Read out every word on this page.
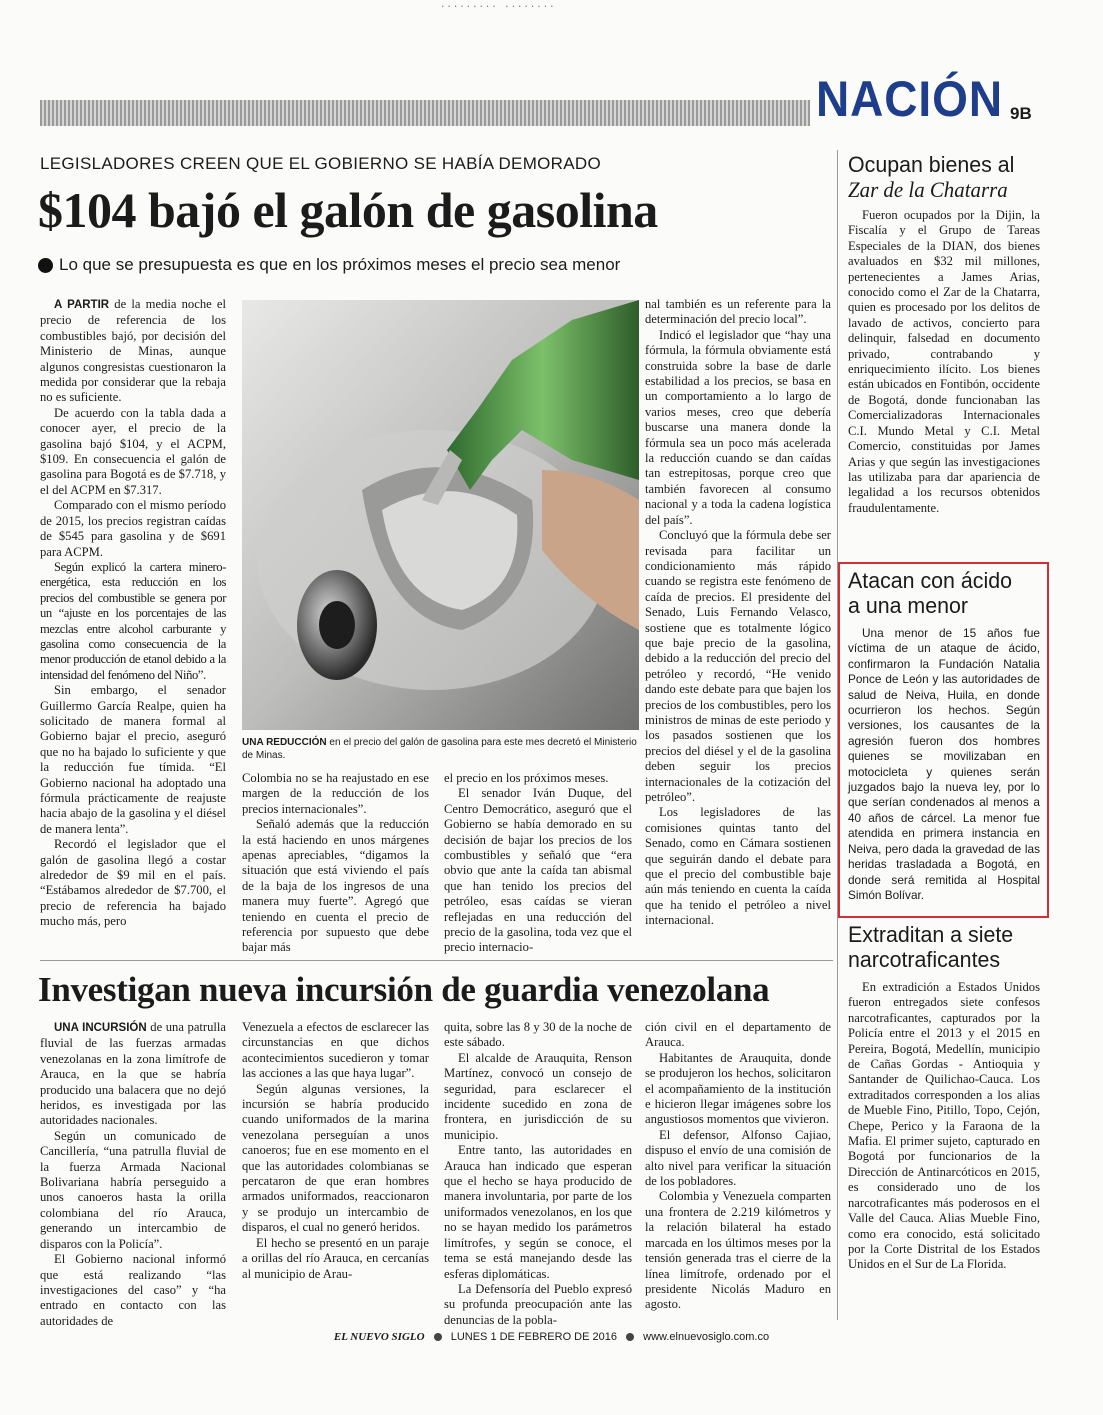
......... ........
NACIÓN 9B
LEGISLADORES CREEN QUE EL GOBIERNO SE HABÍA DEMORADO
$104 bajó el galón de gasolina
Lo que se presupuesta es que en los próximos meses el precio sea menor

A PARTIR de la media noche el precio de referencia de los combustibles bajó, por decisión del Ministerio de Minas, aunque algunos congresistas cuestionaron la medida por considerar que la rebaja no es suficiente.

De acuerdo con la tabla dada a conocer ayer, el precio de la gasolina bajó $104, y el ACPM, $109. En consecuencia el galón de gasolina para Bogotá es de $7.718, y el del ACPM en $7.317.

Comparado con el mismo período de 2015, los precios registran caídas de $545 para gasolina y de $691 para ACPM.

Según explicó la cartera minero-energética, esta reducción en los precios del combustible se genera por un “ajuste en los porcentajes de las mezclas entre alcohol carburante y gasolina como consecuencia de la menor producción de etanol debido a la intensidad del fenómeno del Niño”.

Sin embargo, el senador Guillermo García Realpe, quien ha solicitado de manera formal al Gobierno bajar el precio, aseguró que no ha bajado lo suficiente y que la reducción fue tímida. “El Gobierno nacional ha adoptado una fórmula prácticamente de reajuste hacia abajo de la gasolina y el diésel de manera lenta”.

Recordó el legislador que el galón de gasolina llegó a costar alrededor de $9 mil en el país. “Estábamos alrededor de $7.700, el precio de referencia ha bajado mucho más, pero

UNA REDUCCIÓN en el precio del galón de gasolina para este mes decretó el Ministerio de Minas.

Colombia no se ha reajustado en ese margen de la reducción de los precios internacionales”.

Señaló además que la reducción la está haciendo en unos márgenes apenas apreciables, “digamos la situación que está viviendo el país de la baja de los ingresos de una manera muy fuerte”. Agregó que teniendo en cuenta el precio de referencia por supuesto que debe bajar más

el precio en los próximos meses.

El senador Iván Duque, del Centro Democrático, aseguró que el Gobierno se había demorado en su decisión de bajar los precios de los combustibles y señaló que “era obvio que ante la caída tan abismal que han tenido los precios del petróleo, esas caídas se vieran reflejadas en una reducción del precio de la gasolina, toda vez que el precio internacio-

nal también es un referente para la determinación del precio local”.

Indicó el legislador que “hay una fórmula, la fórmula obviamente está construida sobre la base de darle estabilidad a los precios, se basa en un comportamiento a lo largo de varios meses, creo que debería buscarse una manera donde la fórmula sea un poco más acelerada la reducción cuando se dan caídas tan estrepitosas, porque creo que también favorecen al consumo nacional y a toda la cadena logística del país”.

Concluyó que la fórmula debe ser revisada para facilitar un condicionamiento más rápido cuando se registra este fenómeno de caída de precios. El presidente del Senado, Luis Fernando Velasco, sostiene que es totalmente lógico que baje precio de la gasolina, debido a la reducción del precio del petróleo y recordó, “He venido dando este debate para que bajen los precios de los combustibles, pero los ministros de minas de este periodo y los pasados sostienen que los precios del diésel y el de la gasolina deben seguir los precios internacionales de la cotización del petróleo”.

Los legisladores de las comisiones quintas tanto del Senado, como en Cámara sostienen que seguirán dando el debate para que el precio del combustible baje aún más teniendo en cuenta la caída que ha tenido el petróleo a nivel internacional.

Investigan nueva incursión de guardia venezolana

UNA INCURSIÓN de una patrulla fluvial de las fuerzas armadas venezolanas en la zona limítrofe de Arauca, en la que se habría producido una balacera que no dejó heridos, es investigada por las autoridades nacionales.

Según un comunicado de Cancillería, “una patrulla fluvial de la fuerza Armada Nacional Bolivariana habría perseguido a unos canoeros hasta la orilla colombiana del río Arauca, generando un intercambio de disparos con la Policía”.

El Gobierno nacional informó que está realizando “las investigaciones del caso” y “ha entrado en contacto con las autoridades de

Venezuela a efectos de esclarecer las circunstancias en que dichos acontecimientos sucedieron y tomar las acciones a las que haya lugar”.

Según algunas versiones, la incursión se habría producido cuando uniformados de la marina venezolana perseguían a unos canoeros; fue en ese momento en el que las autoridades colombianas se percataron de que eran hombres armados uniformados, reaccionaron y se produjo un intercambio de disparos, el cual no generó heridos.

El hecho se presentó en un paraje a orillas del río Arauca, en cercanías al municipio de Arau-

quita, sobre las 8 y 30 de la noche de este sábado.

El alcalde de Arauquita, Renson Martínez, convocó un consejo de seguridad, para esclarecer el incidente sucedido en zona de frontera, en jurisdicción de su municipio.

Entre tanto, las autoridades en Arauca han indicado que esperan que el hecho se haya producido de manera involuntaria, por parte de los uniformados venezolanos, en los que no se hayan medido los parámetros limítrofes, y según se conoce, el tema se está manejando desde las esferas diplomáticas.

La Defensoría del Pueblo expresó su profunda preocupación ante las denuncias de la pobla-

ción civil en el departamento de Arauca.

Habitantes de Arauquita, donde se produjeron los hechos, solicitaron el acompañamiento de la institución e hicieron llegar imágenes sobre los angustiosos momentos que vivieron.

El defensor, Alfonso Cajiao, dispuso el envío de una comisión de alto nivel para verificar la situación de los pobladores.

Colombia y Venezuela comparten una frontera de 2.219 kilómetros y la relación bilateral ha estado marcada en los últimos meses por la tensión generada tras el cierre de la línea limítrofe, ordenado por el presidente Nicolás Maduro en agosto.

Ocupan bienes al
Zar de la Chatarra

Fueron ocupados por la Dijin, la Fiscalía y el Grupo de Tareas Especiales de la DIAN, dos bienes avaluados en $32 mil millones, pertenecientes a James Arias, conocido como el Zar de la Chatarra, quien es procesado por los delitos de lavado de activos, concierto para delinquir, falsedad en documento privado, contrabando y enriquecimiento ilícito. Los bienes están ubicados en Fontibón, occidente de Bogotá, donde funcionaban las Comercializadoras Internacionales C.I. Mundo Metal y C.I. Metal Comercio, constituidas por James Arias y que según las investigaciones las utilizaba para dar apariencia de legalidad a los recursos obtenidos fraudulentamente.

Atacan con ácido
a una menor

Una menor de 15 años fue víctima de un ataque de ácido, confirmaron la Fundación Natalia Ponce de León y las autoridades de salud de Neiva, Huila, en donde ocurrieron los hechos. Según versiones, los causantes de la agresión fueron dos hombres quienes se movilizaban en motocicleta y quienes serán juzgados bajo la nueva ley, por lo que serían condenados al menos a 40 años de cárcel. La menor fue atendida en primera instancia en Neiva, pero dada la gravedad de las heridas trasladada a Bogotá, en donde será remitida al Hospital Simón Bolívar.

Extraditan a siete
narcotraficantes

En extradición a Estados Unidos fueron entregados siete confesos narcotraficantes, capturados por la Policía entre el 2013 y el 2015 en Pereira, Bogotá, Medellín, municipio de Cañas Gordas - Antioquia y Santander de Quilichao-Cauca. Los extraditados corresponden a los alias de Mueble Fino, Pitillo, Topo, Cejón, Chepe, Perico y la Faraona de la Mafia. El primer sujeto, capturado en Bogotá por funcionarios de la Dirección de Antinarcóticos en 2015, es considerado uno de los narcotraficantes más poderosos en el Valle del Cauca. Alias Mueble Fino, como era conocido, está solicitado por la Corte Distrital de los Estados Unidos en el Sur de La Florida.

EL NUEVO SIGLO LUNES 1 DE FEBRERO DE 2016 www.elnuevosiglo.com.co
